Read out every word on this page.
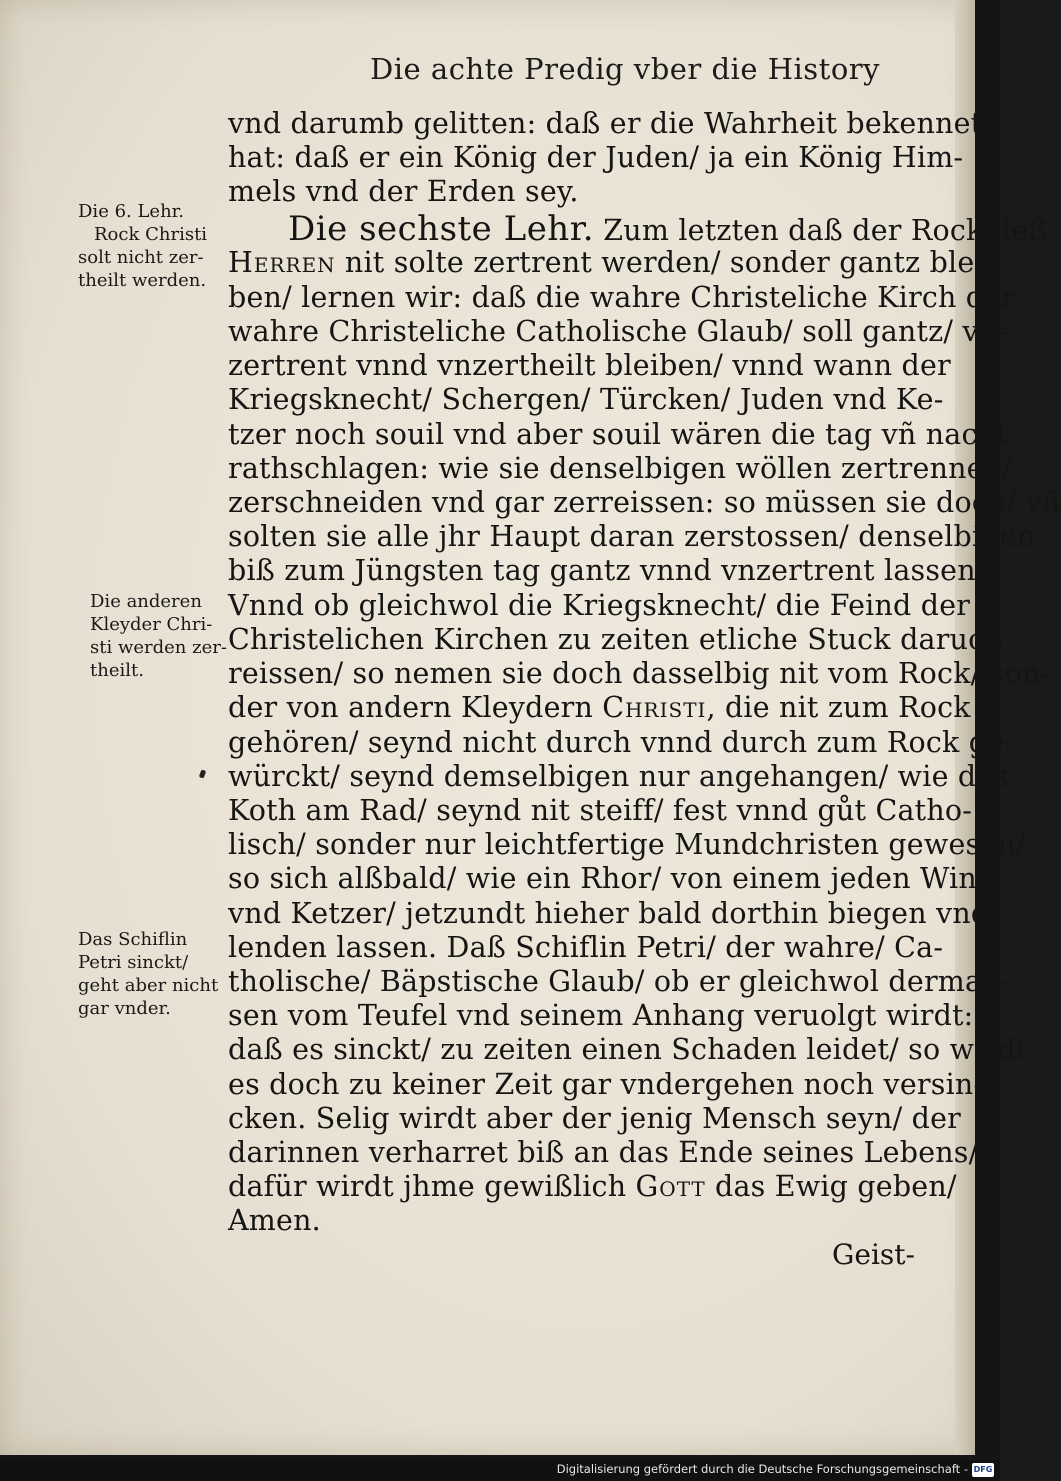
Die achte Predig vber die History
vnd darumb gelitten: daß er die Wahrheit bekennet
hat: daß er ein König der Juden/ ja ein König Him-
mels vnd der Erden sey.
Die sechste Lehr. Zum letzten daß der Rock deß
Herren nit solte zertrent werden/ sonder gantz blei-
ben/ lernen wir: daß die wahre Christeliche Kirch der
wahre Christeliche Catholische Glaub/ soll gantz/ vn-
zertrent vnnd vnzertheilt bleiben/ vnnd wann der
Kriegsknecht/ Schergen/ Türcken/ Juden vnd Ke-
tzer noch souil vnd aber souil wären die tag vñ nacht
rathschlagen: wie sie denselbigen wöllen zertrennen/
zerschneiden vnd gar zerreissen: so müssen sie doch/ vñ
solten sie alle jhr Haupt daran zerstossen/ denselbigen
biß zum Jüngsten tag gantz vnnd vnzertrent lassen.
Vnnd ob gleichwol die Kriegsknecht/ die Feind der
Christelichen Kirchen zu zeiten etliche Stuck daruon
reissen/ so nemen sie doch dasselbig nit vom Rock/ son-
der von andern Kleydern Christi, die nit zum Rock
gehören/ seynd nicht durch vnnd durch zum Rock ge-
würckt/ seynd demselbigen nur angehangen/ wie das
Koth am Rad/ seynd nit steiff/ fest vnnd gůt Catho-
lisch/ sonder nur leichtfertige Mundchristen gewesen/
so sich alßbald/ wie ein Rhor/ von einem jeden Wind
vnd Ketzer/ jetzundt hieher bald dorthin biegen vnd
lenden lassen. Daß Schiflin Petri/ der wahre/ Ca-
tholische/ Bäpstische Glaub/ ob er gleichwol dermas-
sen vom Teufel vnd seinem Anhang veruolgt wirdt:
daß es sinckt/ zu zeiten einen Schaden leidet/ so wirdt
es doch zu keiner Zeit gar vndergehen noch versin-
cken. Selig wirdt aber der jenig Mensch seyn/ der
darinnen verharret biß an das Ende seines Lebens/
dafür wirdt jhme gewißlich Gott das Ewig geben/
Amen.
Die 6. Lehr.
Rock Christi
solt nicht zer-
theilt werden.
Die anderen
Kleyder Chri-
sti werden zer-
theilt.
Das Schiflin
Petri sinckt/
geht aber nicht
gar vnder.
Geist-
Digitalisierung gefördert durch die Deutsche Forschungsgemeinschaft - DFG
